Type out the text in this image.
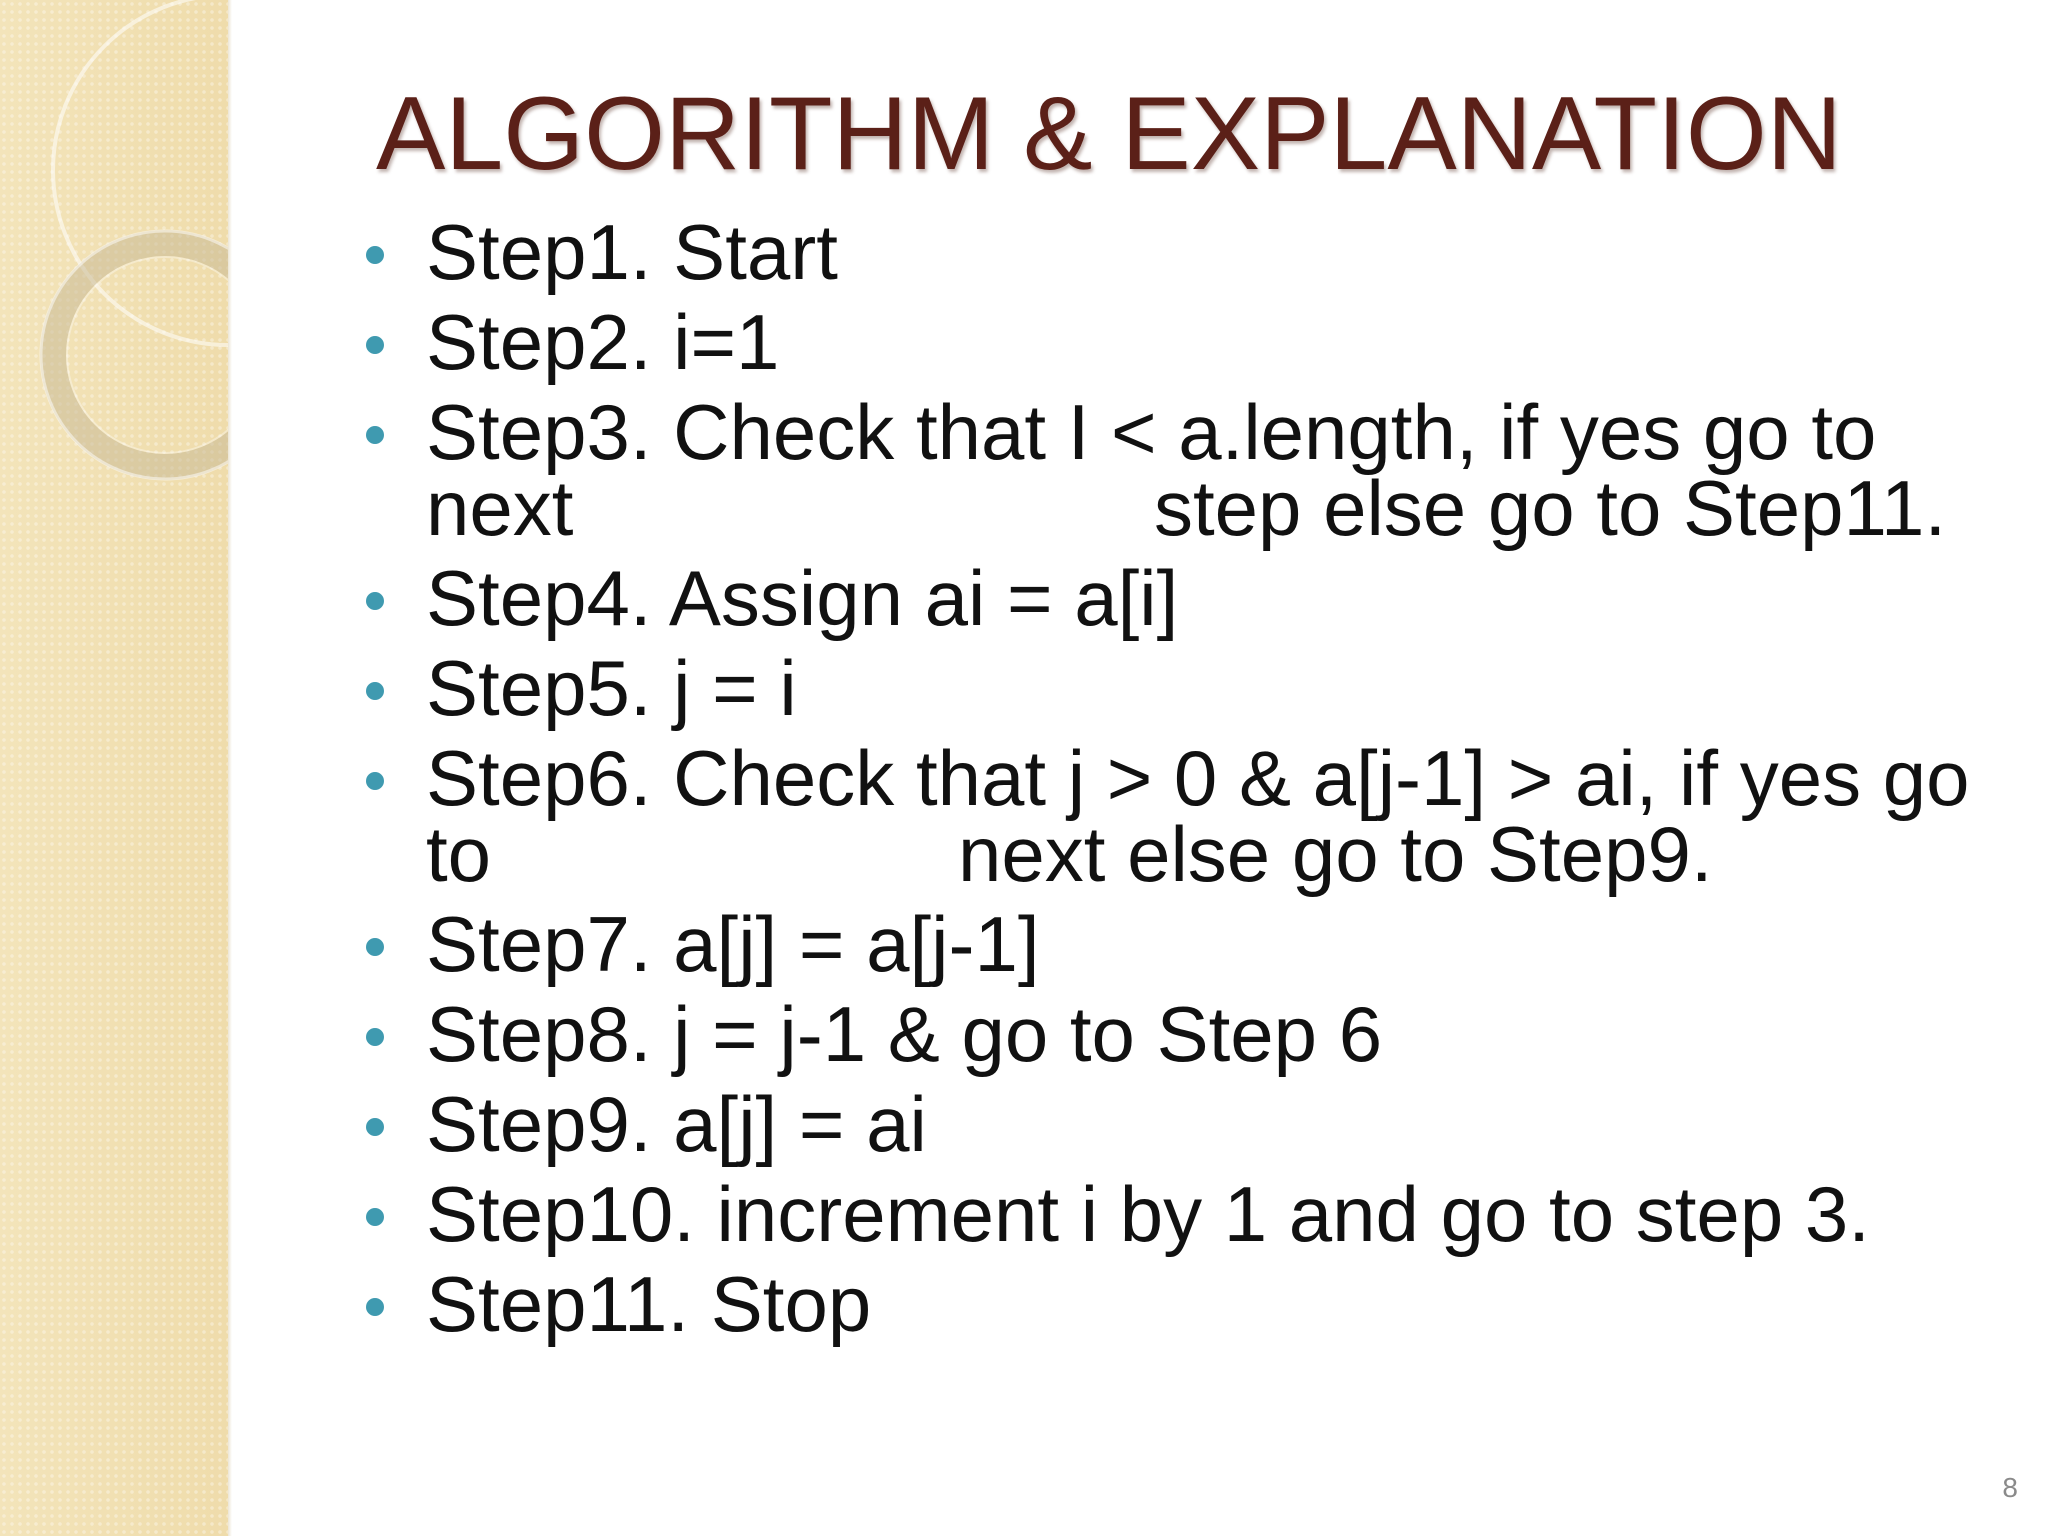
ALGORITHM & EXPLANATION
Step1. Start
Step2. i=1
Step3. Check that I < a.length, if yes go to
next	step else go to Step11.
Step4. Assign ai = a[i]
Step5. j = i
Step6. Check that j > 0 & a[j-1] > ai, if yes go
to	next else go to Step9.
Step7. a[j] = a[j-1]
Step8. j = j-1 & go to Step 6
Step9. a[j] = ai
Step10. increment i by 1 and go to step 3.
Step11. Stop
8
